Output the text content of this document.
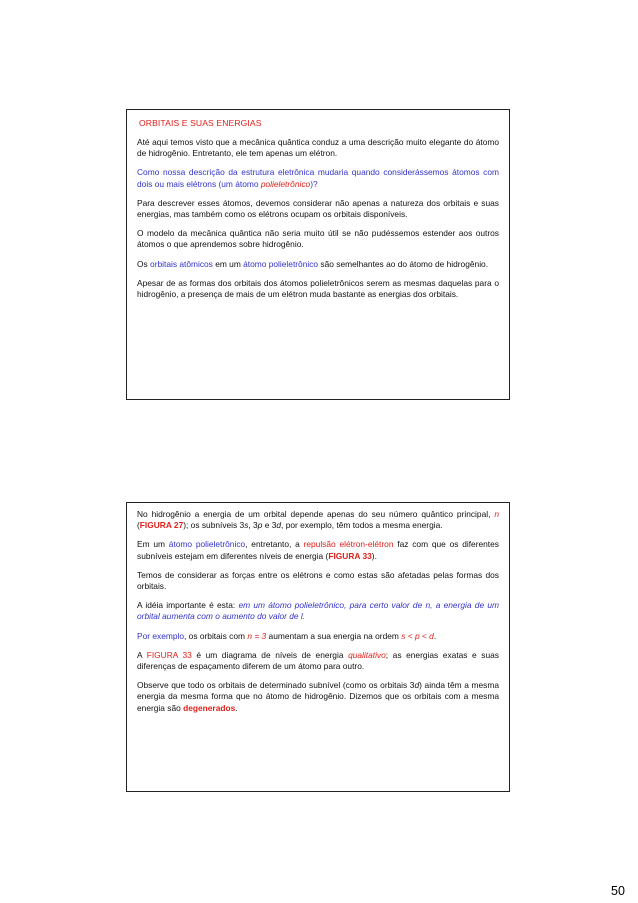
ORBITAIS E SUAS ENERGIAS

Até aqui temos visto que a mecânica quântica conduz a uma descrição muito elegante do átomo de hidrogênio. Entretanto, ele tem apenas um elétron.

Como nossa descrição da estrutura eletrônica mudaria quando considerássemos átomos com dois ou mais elétrons (um átomo polieletrônico)?

Para descrever esses átomos, devemos considerar não apenas a natureza dos orbitais e suas energias, mas também como os elétrons ocupam os orbitais disponíveis.

O modelo da mecânica quântica não seria muito útil se não pudéssemos estender aos outros átomos o que aprendemos sobre hidrogênio.

Os orbitais atômicos em um átomo polieletrônico são semelhantes ao do átomo de hidrogênio.

Apesar de as formas dos orbitais dos átomos polieletrônicos serem as mesmas daquelas para o hidrogênio, a presença de mais de um elétron muda bastante as energias dos orbitais.

No hidrogênio a energia de um orbital depende apenas do seu número quântico principal, n (FIGURA 27); os subníveis 3s, 3p e 3d, por exemplo, têm todos a mesma energia.

Em um átomo polieletrônico, entretanto, a repulsão elétron-elétron faz com que os diferentes subníveis estejam em diferentes níveis de energia (FIGURA 33).

Temos de considerar as forças entre os elétrons e como estas são afetadas pelas formas dos orbitais.

A idéia importante é esta: em um átomo polieletrônico, para certo valor de n, a energia de um orbital aumenta com o aumento do valor de l.

Por exemplo, os orbitais com n = 3 aumentam a sua energia na ordem s < p < d.

A FIGURA 33 é um diagrama de níveis de energia qualitativo; as energias exatas e suas diferenças de espaçamento diferem de um átomo para outro.

Observe que todo os orbitais de determinado subnível (como os orbitais 3d) ainda têm a mesma energia da mesma forma que no átomo de hidrogênio. Dizemos que os orbitais com a mesma energia são degenerados.

50
